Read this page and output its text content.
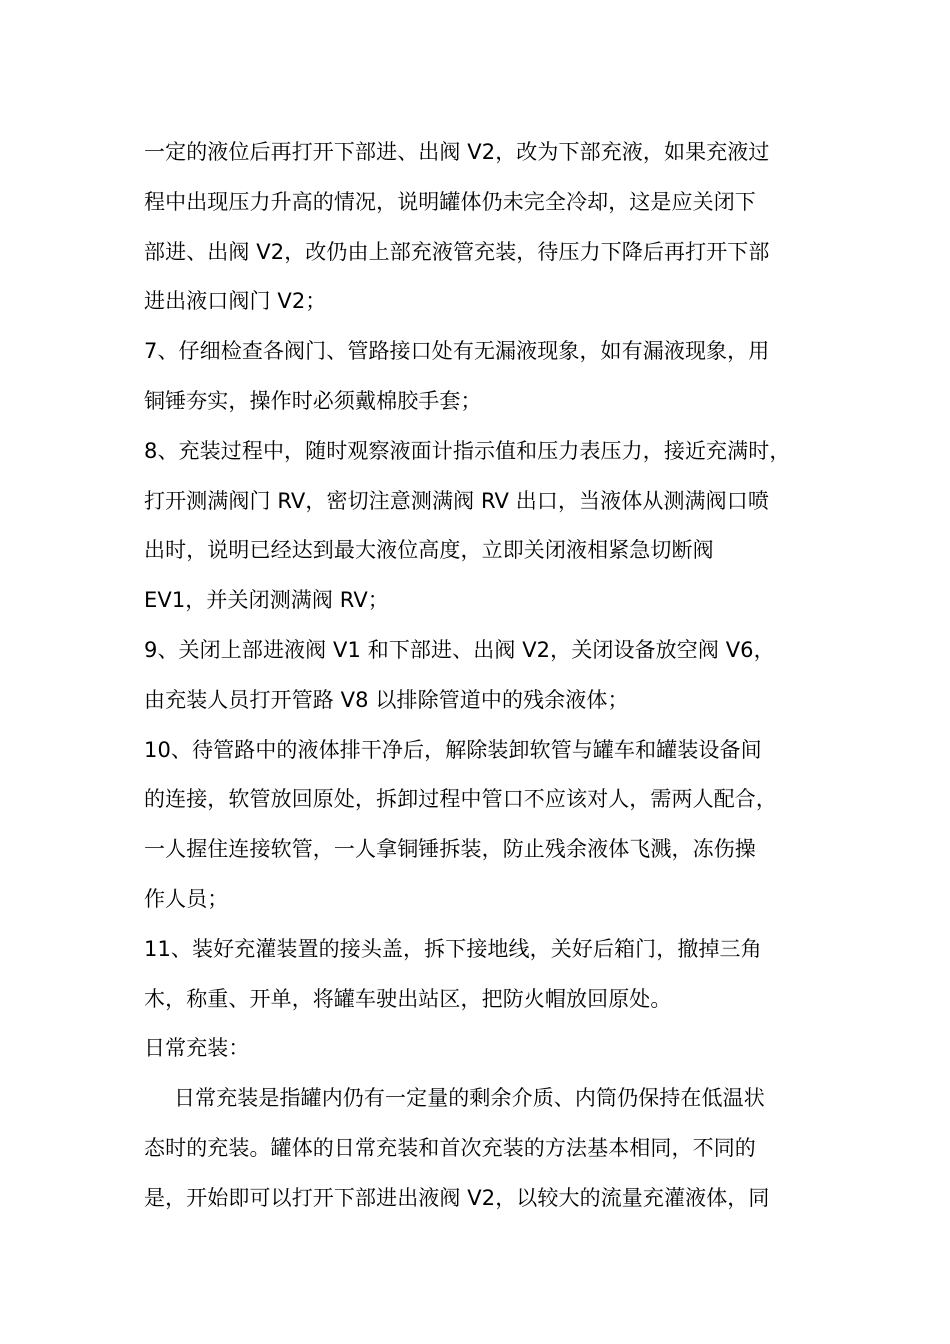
一定的液位后再打开下部进、出阀 V2，改为下部充液，如果充液过
程中出现压力升高的情况，说明罐体仍未完全冷却，这是应关闭下
部进、出阀 V2，改仍由上部充液管充装，待压力下降后再打开下部
进出液口阀门 V2；
7、仔细检查各阀门、管路接口处有无漏液现象，如有漏液现象，用
铜锤夯实，操作时必须戴棉胶手套；
8、充装过程中，随时观察液面计指示值和压力表压力，接近充满时，
打开测满阀门 RV，密切注意测满阀 RV 出口，当液体从测满阀口喷
出时，说明已经达到最大液位高度，立即关闭液相紧急切断阀
EV1，并关闭测满阀 RV；
9、关闭上部进液阀 V1 和下部进、出阀 V2，关闭设备放空阀 V6，
由充装人员打开管路 V8 以排除管道中的残余液体；
10、待管路中的液体排干净后，解除装卸软管与罐车和罐装设备间
的连接，软管放回原处，拆卸过程中管口不应该对人，需两人配合，
一人握住连接软管，一人拿铜锤拆装，防止残余液体飞溅，冻伤操
作人员；
11、装好充灌装置的接头盖，拆下接地线，关好后箱门，撤掉三角
木，称重、开单，将罐车驶出站区，把防火帽放回原处。
日常充装：
日常充装是指罐内仍有一定量的剩余介质、内筒仍保持在低温状
态时的充装。罐体的日常充装和首次充装的方法基本相同，不同的
是，开始即可以打开下部进出液阀 V2，以较大的流量充灌液体，同
